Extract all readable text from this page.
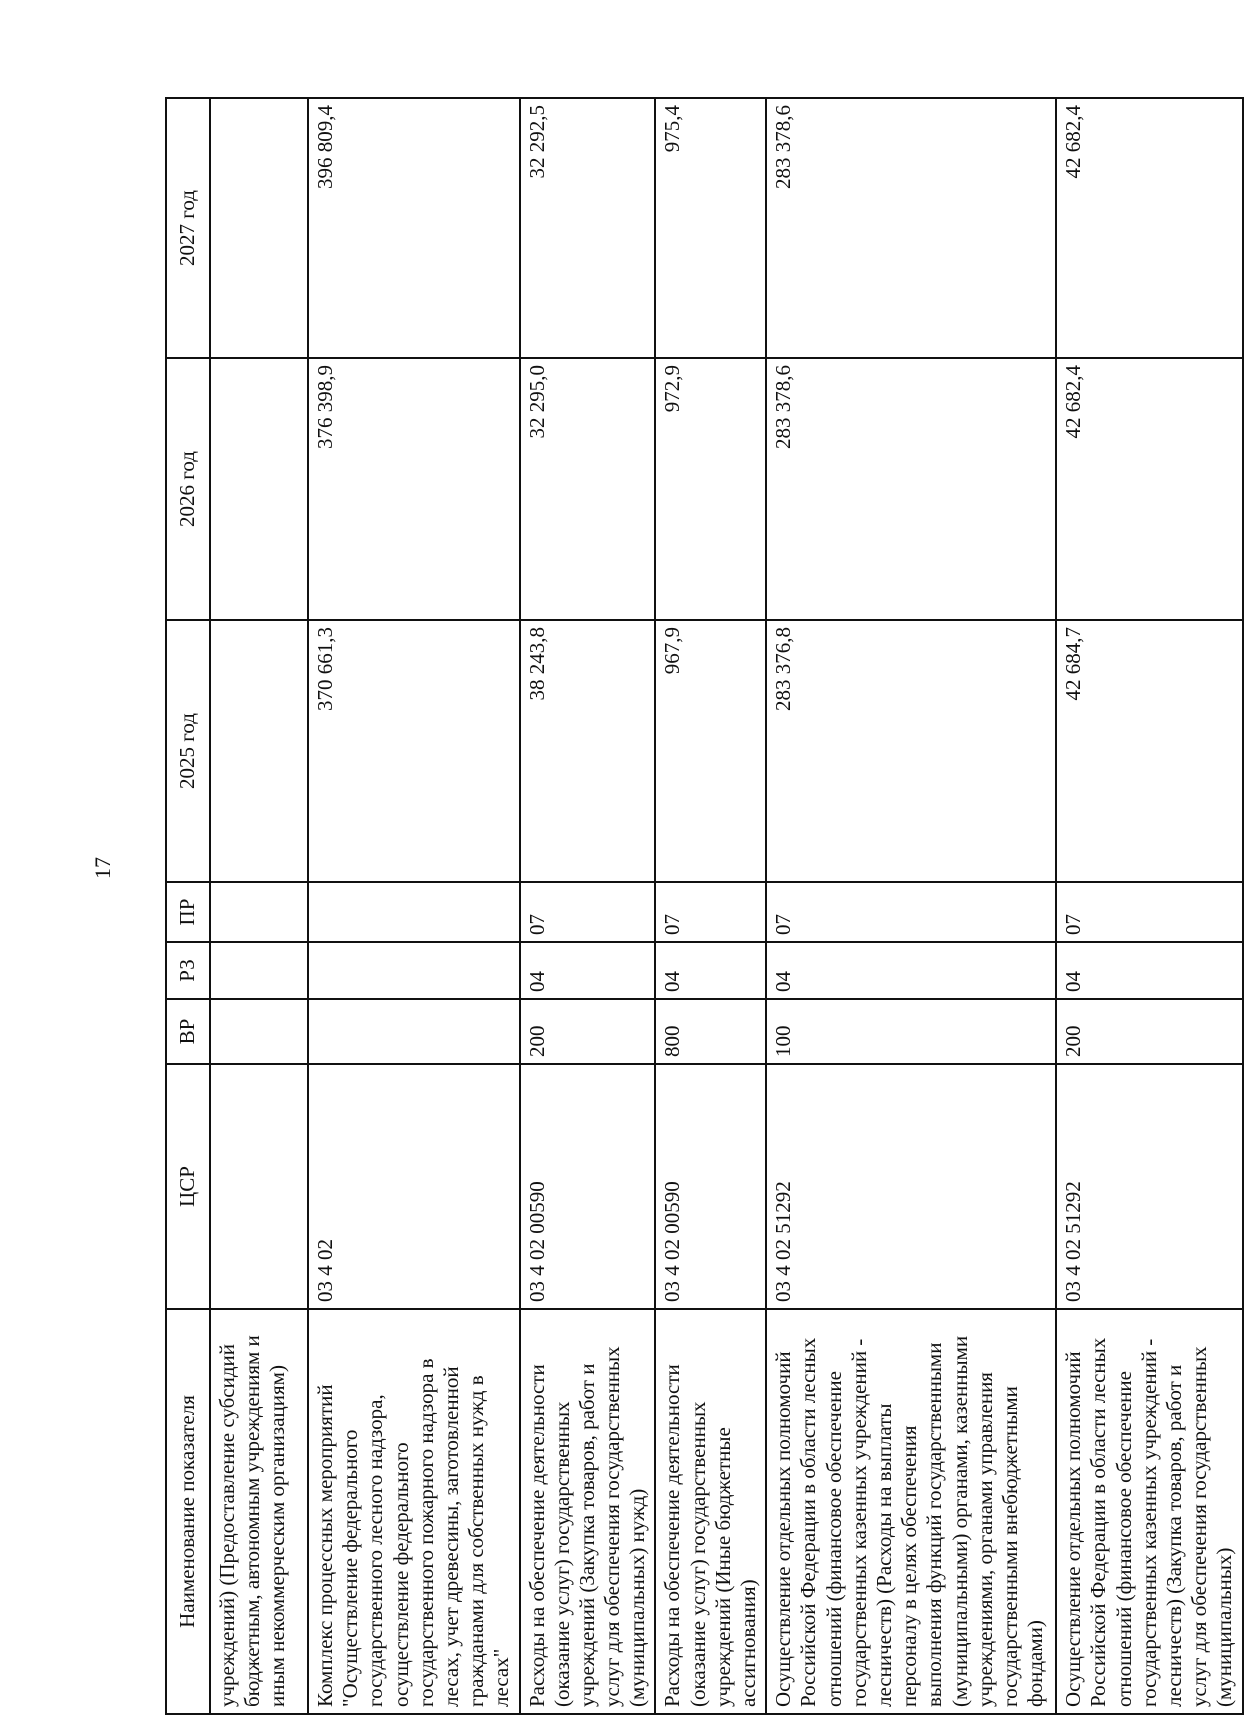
17
Наименование показателя	ЦСР	ВР	РЗ	ПР	2025 год	2026 год	2027 год
учреждений) (Предоставление субсидий бюджетным, автономным учреждениям и иным некоммерческим организациям)							
Комплекс процессных мероприятий "Осуществление федерального государственного лесного надзора, осуществление федерального государственного пожарного надзора в лесах, учет древесины, заготовленной гражданами для собственных нужд в лесах"	03 4 02				370 661,3	376 398,9	396 809,4
Расходы на обеспечение деятельности (оказание услуг) государственных учреждений (Закупка товаров, работ и услуг для обеспечения государственных (муниципальных) нужд)	03 4 02 00590	200	04	07	38 243,8	32 295,0	32 292,5
Расходы на обеспечение деятельности (оказание услуг) государственных учреждений (Иные бюджетные ассигнования)	03 4 02 00590	800	04	07	967,9	972,9	975,4
Осуществление отдельных полномочий Российской Федерации в области лесных отношений (финансовое обеспечение государственных казенных учреждений - лесничеств) (Расходы на выплаты персоналу в целях обеспечения выполнения функций государственными (муниципальными) органами, казенными учреждениями, органами управления государственными внебюджетными фондами)	03 4 02 51292	100	04	07	283 376,8	283 378,6	283 378,6
Осуществление отдельных полномочий Российской Федерации в области лесных отношений (финансовое обеспечение государственных казенных учреждений - лесничеств) (Закупка товаров, работ и услуг для обеспечения государственных (муниципальных)	03 4 02 51292	200	04	07	42 684,7	42 682,4	42 682,4
